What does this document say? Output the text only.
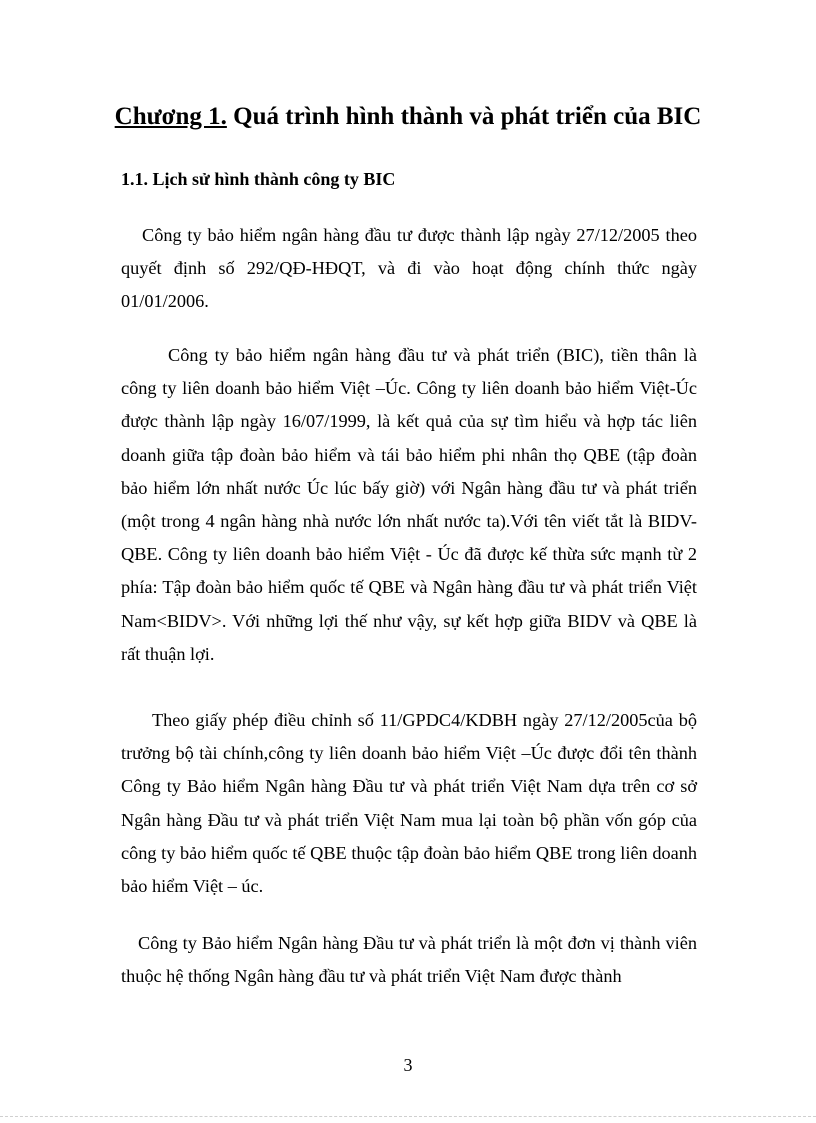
Chương 1. Quá trình hình thành và phát triển của BIC
1.1. Lịch sử hình thành công ty BIC

Công ty bảo hiểm ngân hàng đầu tư được thành lập ngày 27/12/2005 theo quyết định số 292/QĐ-HĐQT, và đi vào hoạt động chính thức ngày 01/01/2006.

Công ty bảo hiểm ngân hàng đầu tư và phát triển (BIC), tiền thân là công ty liên doanh bảo hiểm Việt –Úc. Công ty liên doanh bảo hiểm Việt-Úc được thành lập ngày 16/07/1999, là kết quả của sự tìm hiểu và hợp tác liên doanh giữa tập đoàn bảo hiểm và tái bảo hiểm phi nhân thọ QBE (tập đoàn bảo hiểm lớn nhất nước Úc lúc bấy giờ) với Ngân hàng đầu tư và phát triển (một trong 4 ngân hàng nhà nước lớn nhất nước ta).Với tên viết tắt là BIDV-QBE. Công ty liên doanh bảo hiểm Việt - Úc đã được kế thừa sức mạnh từ 2 phía: Tập đoàn bảo hiểm quốc tế QBE và Ngân hàng đầu tư và phát triển Việt Nam<BIDV>. Với những lợi thế như vậy, sự kết hợp giữa BIDV và QBE là rất thuận lợi.

Theo giấy phép điều chỉnh số 11/GPDC4/KDBH ngày 27/12/2005của bộ trưởng bộ tài chính,công ty liên doanh bảo hiểm Việt –Úc được đổi tên thành Công ty Bảo hiểm Ngân hàng Đầu tư và phát triển Việt Nam dựa trên cơ sở Ngân hàng Đầu tư và phát triển Việt Nam mua lại toàn bộ phần vốn góp của công ty bảo hiểm quốc tế QBE thuộc tập đoàn bảo hiểm QBE trong liên doanh bảo hiểm Việt – úc.

Công ty Bảo hiểm Ngân hàng Đầu tư và phát triển là một đơn vị thành viên thuộc hệ thống Ngân hàng đầu tư và phát triển Việt Nam được thành

3
